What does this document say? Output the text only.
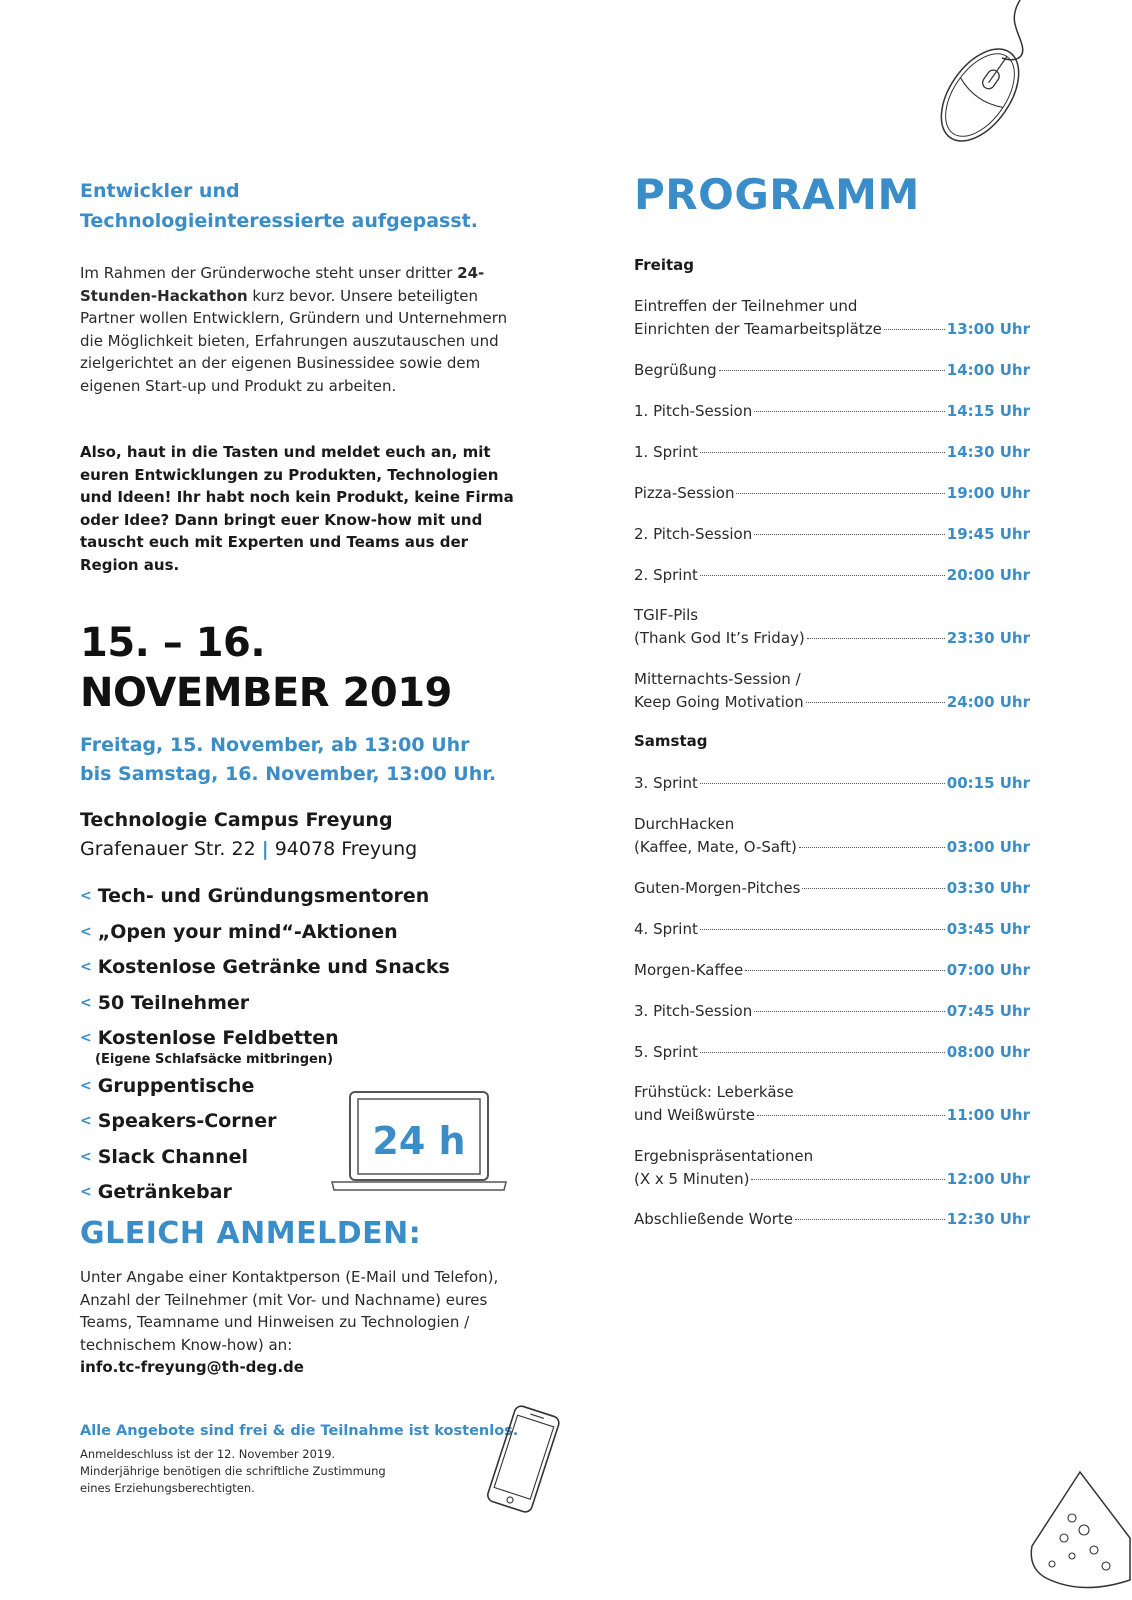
Entwickler und
Technologieinteressierte aufgepasst.
Im Rahmen der Gründerwoche steht unser dritter 24-Stunden-Hackathon kurz bevor. Unsere beteiligten Partner wollen Entwicklern, Gründern und Unternehmern die Möglichkeit bieten, Erfahrungen auszutauschen und zielgerichtet an der eigenen Businessidee sowie dem eigenen Start-up und Produkt zu arbeiten.
Also, haut in die Tasten und meldet euch an, mit euren Entwicklungen zu Produkten, Technologien und Ideen! Ihr habt noch kein Produkt, keine Firma oder Idee? Dann bringt euer Know-how mit und tauscht euch mit Experten und Teams aus der Region aus.
15. – 16.
NOVEMBER 2019
Freitag, 15. November, ab 13:00 Uhr
bis Samstag, 16. November, 13:00 Uhr.
Technologie Campus Freyung
Grafenauer Str. 22 | 94078 Freyung
< Tech- und Gründungsmentoren
< „Open your mind“-Aktionen
< Kostenlose Getränke und Snacks
< 50 Teilnehmer
< Kostenlose Feldbetten
(Eigene Schlafsäcke mitbringen)
< Gruppentische
< Speakers-Corner
< Slack Channel
< Getränkebar
24 h
GLEICH ANMELDEN:
Unter Angabe einer Kontaktperson (E-Mail und Telefon), Anzahl der Teilnehmer (mit Vor- und Nachname) eures Teams, Teamname und Hinweisen zu Technologien / technischem Know-how) an:
info.tc-freyung@th-deg.de
Alle Angebote sind frei & die Teilnahme ist kostenlos.
Anmeldeschluss ist der 12. November 2019.
Minderjährige benötigen die schriftliche Zustimmung
eines Erziehungsberechtigten.
PROGRAMM
Freitag
Eintreffen der Teilnehmer und
Einrichten der Teamarbeitsplätze	13:00 Uhr
Begrüßung	14:00 Uhr
1. Pitch-Session	14:15 Uhr
1. Sprint	14:30 Uhr
Pizza-Session	19:00 Uhr
2. Pitch-Session	19:45 Uhr
2. Sprint	20:00 Uhr
TGIF-Pils
(Thank God It’s Friday)	23:30 Uhr
Mitternachts-Session /
Keep Going Motivation	24:00 Uhr
Samstag
3. Sprint	00:15 Uhr
DurchHacken
(Kaffee, Mate, O-Saft)	03:00 Uhr
Guten-Morgen-Pitches	03:30 Uhr
4. Sprint	03:45 Uhr
Morgen-Kaffee	07:00 Uhr
3. Pitch-Session	07:45 Uhr
5. Sprint	08:00 Uhr
Frühstück: Leberkäse
und Weißwürste	11:00 Uhr
Ergebnispräsentationen
(X x 5 Minuten)	12:00 Uhr
Abschließende Worte	12:30 Uhr
